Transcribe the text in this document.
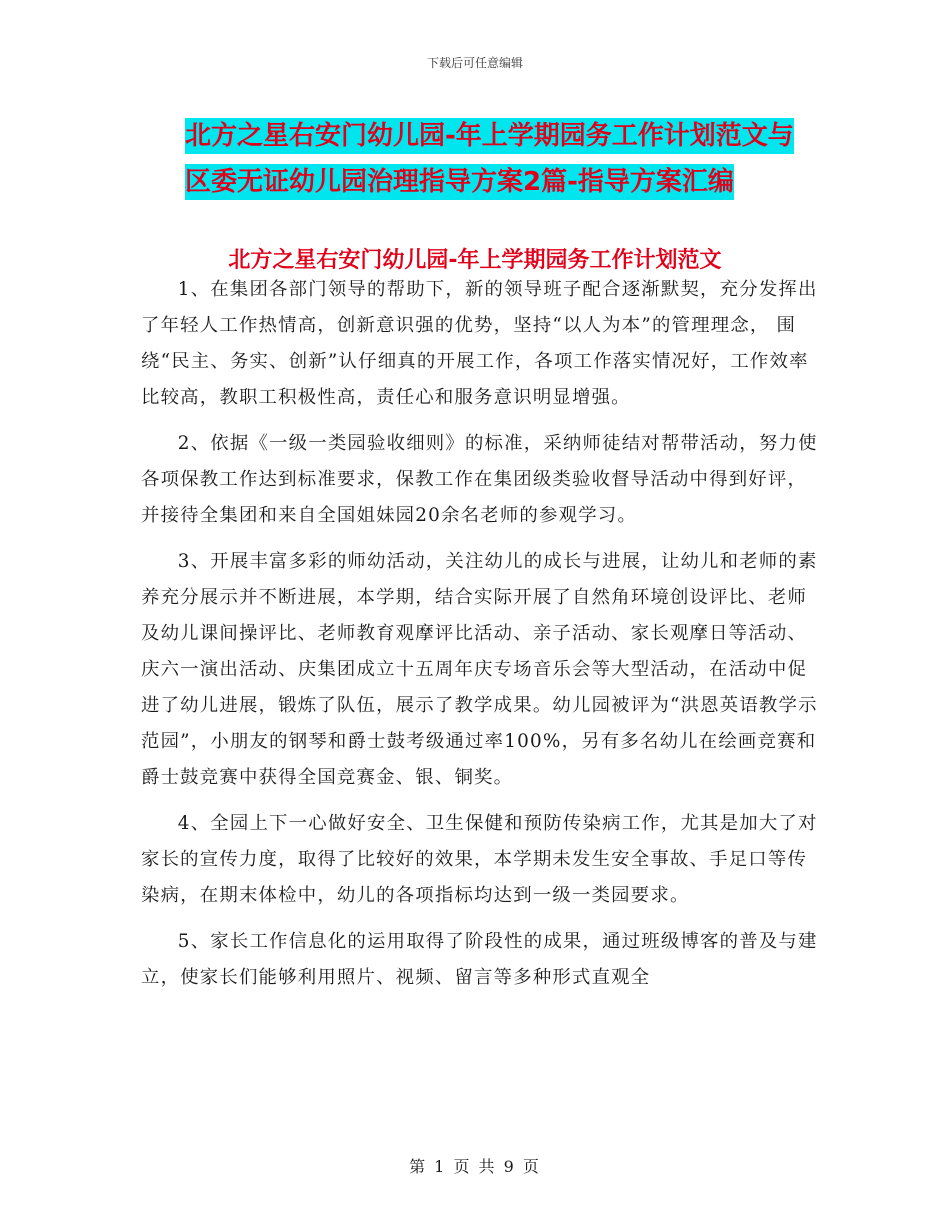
下载后可任意编辑
北方之星右安门幼儿园-年上学期园务工作计划范文与
区委无证幼儿园治理指导方案2篇-指导方案汇编
北方之星右安门幼儿园-年上学期园务工作计划范文

1、在集团各部门领导的帮助下，新的领导班子配合逐渐默契，充分发挥出了年轻人工作热情高，创新意识强的优势，坚持“以人为本”的管理理念， 围绕“民主、务实、创新”认仔细真的开展工作，各项工作落实情况好，工作效率比较高，教职工积极性高，责任心和服务意识明显增强。

2、依据《一级一类园验收细则》的标准，采纳师徒结对帮带活动，努力使各项保教工作达到标准要求，保教工作在集团级类验收督导活动中得到好评，并接待全集团和来自全国姐妹园20余名老师的参观学习。

3、开展丰富多彩的师幼活动，关注幼儿的成长与进展，让幼儿和老师的素养充分展示并不断进展，本学期，结合实际开展了自然角环境创设评比、老师及幼儿课间操评比、老师教育观摩评比活动、亲子活动、家长观摩日等活动、庆六一演出活动、庆集团成立十五周年庆专场音乐会等大型活动，在活动中促进了幼儿进展，锻炼了队伍，展示了教学成果。幼儿园被评为“洪恩英语教学示范园”，小朋友的钢琴和爵士鼓考级通过率100%，另有多名幼儿在绘画竞赛和爵士鼓竞赛中获得全国竞赛金、银、铜奖。

4、全园上下一心做好安全、卫生保健和预防传染病工作，尤其是加大了对家长的宣传力度，取得了比较好的效果，本学期未发生安全事故、手足口等传染病，在期末体检中，幼儿的各项指标均达到一级一类园要求。

5、家长工作信息化的运用取得了阶段性的成果，通过班级博客的普及与建立，使家长们能够利用照片、视频、留言等多种形式直观全

第 1 页 共 9 页
